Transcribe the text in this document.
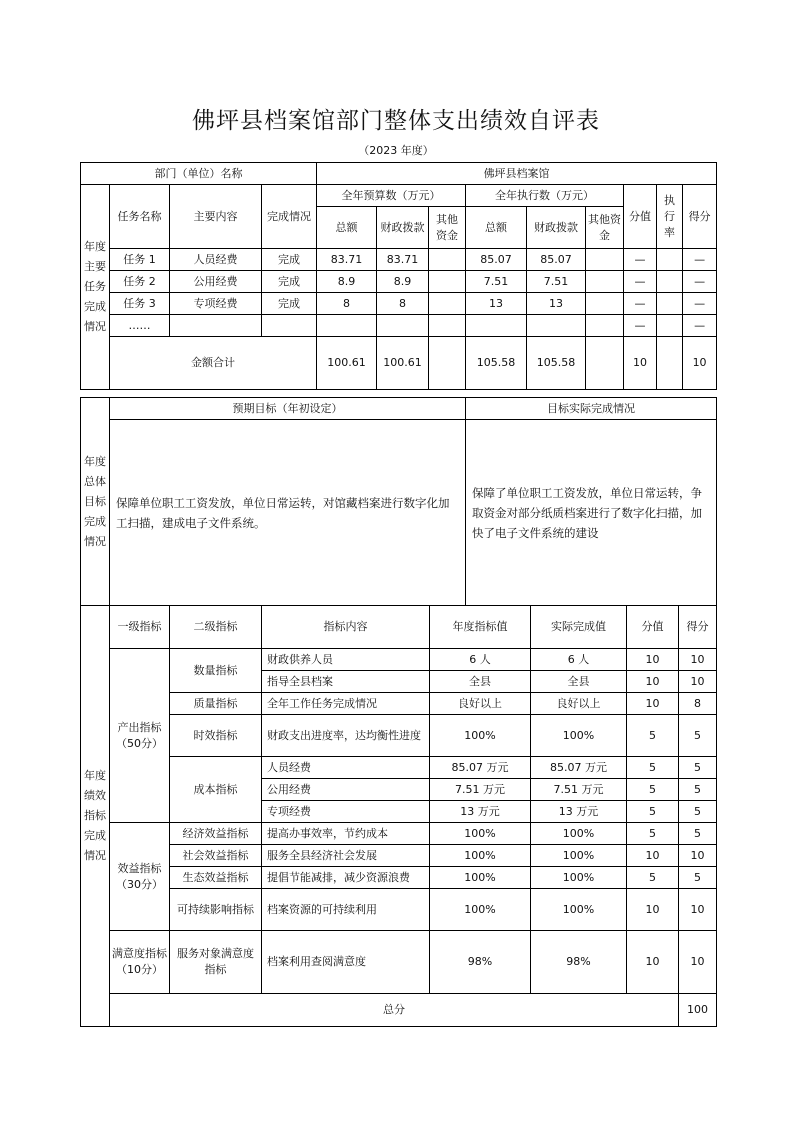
佛坪县档案馆部门整体支出绩效自评表
（2023 年度）
部门（单位）名称				佛坪县档案馆								
年度主要任务完成情况	任务名称	主要内容	完成情况	全年预算数（万元）			全年执行数（万元）			分值	执行率	得分
				总额	财政拨款	其他资金	总额	财政拨款	其他资金			
	任务 1	人员经费	完成	83.71	83.71		85.07	85.07		—		—
	任务 2	公用经费	完成	8.9	8.9		7.51	7.51		—		—
	任务 3	专项经费	完成	8	8		13	13		—		—
	……									—		—
	金额合计			100.61	100.61		105.58	105.58		10		10
年度总体目标完成情况	预期目标（年初设定）	目标实际完成情况
	保障单位职工工资发放，单位日常运转，对馆藏档案进行数字化加工扫描，建成电子文件系统。	保障了单位职工工资发放，单位日常运转，争取资金对部分纸质档案进行了数字化扫描，加快了电子文件系统的建设
年度绩效指标完成情况	一级指标	二级指标	指标内容	年度指标值	实际完成值	分值	得分	
	产出指标（50分）	数量指标	财政供养人员	6 人	6 人	10	10	
			指导全县档案	全县	全县	10	10	
		质量指标	全年工作任务完成情况	良好以上	良好以上	10	8	
		时效指标	财政支出进度率，达均衡性进度	100%	100%	5	5	
		成本指标	人员经费	85.07 万元	85.07 万元	5	5	
			公用经费	7.51 万元	7.51 万元	5	5	
			专项经费	13 万元	13 万元	5	5	
	效益指标（30分）	经济效益指标	提高办事效率，节约成本	100%	100%	5	5	
		社会效益指标	服务全县经济社会发展	100%	100%	10	10	
		生态效益指标	提倡节能减排，减少资源浪费	100%	100%	5	5	
		可持续影响指标	档案资源的可持续利用	100%	100%	10	10	
	满意度指标（10分）	服务对象满意度指标	档案利用查阅满意度	98%	98%	10	10	
	总分						100	
